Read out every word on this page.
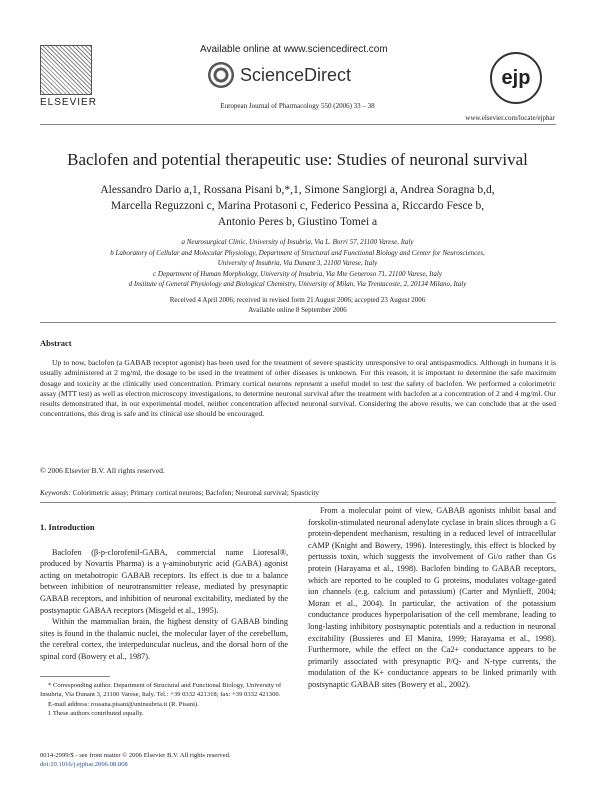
ELSEVIER
Available online at www.sciencedirect.com
ScienceDirect	ejp
European Journal of Pharmacology 550 (2006) 33 – 38
www.elsevier.com/locate/ejphar
Baclofen and potential therapeutic use: Studies of neuronal survival
Alessandro Dario a,1, Rossana Pisani b,*,1, Simone Sangiorgi a, Andrea Soragna b,d,
Marcella Reguzzoni c, Marina Protasoni c, Federico Pessina a, Riccardo Fesce b,
Antonio Peres b, Giustino Tomei a
a Neurosurgical Clinic, University of Insubria, Via L. Borri 57, 21100 Varese, Italy
b Laboratory of Cellular and Molecular Physiology, Department of Structural and Functional Biology and Center for Neurosciences,
University of Insubria, Via Dunant 3, 21100 Varese, Italy
c Department of Human Morphology, University of Insubria, Via Mte Generoso 71, 21100 Varese, Italy
d Institute of General Physiology and Biological Chemistry, University of Milan, Via Trentacoste, 2, 20134 Milano, Italy
Received 4 April 2006; received in revised form 21 August 2006; accepted 23 August 2006
Available online 8 September 2006
Abstract

Up to now, baclofen (a GABAB receptor agonist) has been used for the treatment of severe spasticity unresponsive to oral antispasmodics. Although in humans it is usually administered at 2 mg/ml, the dosage to be used in the treatment of other diseases is unknown. For this reason, it is important to determine the safe maximum dosage and toxicity at the clinically used concentration. Primary cortical neurons represent a useful model to test the safety of baclofen. We performed a colorimetric assay (MTT test) as well as electron microscopy investigations, to determine neuronal survival after the treatment with baclofen at a concentration of 2 and 4 mg/ml. Our results demonstrated that, in our experimental model, neither concentration affected neuronal survival. Considering the above results, we can conclude that at the used concentrations, this drug is safe and its clinical use should be encouraged.

© 2006 Elsevier B.V. All rights reserved.
Keywords: Colorimetric assay; Primary cortical neurons; Baclofen; Neuronal survival; Spasticity
1. Introduction

Baclofen (β-p-clorofenil-GABA, commercial name Lioresal®, produced by Novartis Pharma) is a γ-aminobutyric acid (GABA) agonist acting on metabotropic GABAB receptors. Its effect is due to a balance between inhibition of neurotransmitter release, mediated by presynaptic GABAB receptors, and inhibition of neuronal excitability, mediated by the postsynaptic GABAA receptors (Misgeld et al., 1995).

Within the mammalian brain, the highest density of GABAB binding sites is found in the thalamic nuclei, the molecular layer of the cerebellum, the cerebral cortex, the interpeduncular nucleus, and the dorsal horn of the spinal cord (Bowery et al., 1987).

From a molecular point of view, GABAB agonists inhibit basal and forskolin-stimulated neuronal adenylate cyclase in brain slices through a G protein-dependent mechanism, resulting in a reduced level of intracellular cAMP (Knight and Bowery, 1996). Interestingly, this effect is blocked by pertussis toxin, which suggests the involvement of Gi/o rather than Gs protein (Harayama et al., 1998). Baclofen binding to GABAB receptors, which are reported to be coupled to G proteins, modulates voltage-gated ion channels (e.g. calcium and potassium) (Carter and Mynlieff, 2004; Moran et al., 2004). In particular, the activation of the potassium conductance produces hyperpolarisation of the cell membrane, leading to long-lasting inhibitory postsynaptic potentials and a reduction in neuronal excitability (Bussieres and El Manira, 1999; Harayama et al., 1998). Furthermore, while the effect on the Ca2+ conductance appears to be primarily associated with presynaptic P/Q- and N-type currents, the modulation of the K+ conductance appears to be linked primarily with postsynaptic GABAB sites (Bowery et al., 2002).

* Corresponding author. Department of Structural and Functional Biology, University of Insubria, Via Dunant 3, 21100 Varese, Italy. Tel.: +39 0332 421318; fax: +39 0332 421300.
E-mail address: rossana.pisani@uninsubria.it (R. Pisani).
1 These authors contributed equally.
0014-2999/$ - see front matter © 2006 Elsevier B.V. All rights reserved.
doi:10.1016/j.ejphar.2006.08.068
